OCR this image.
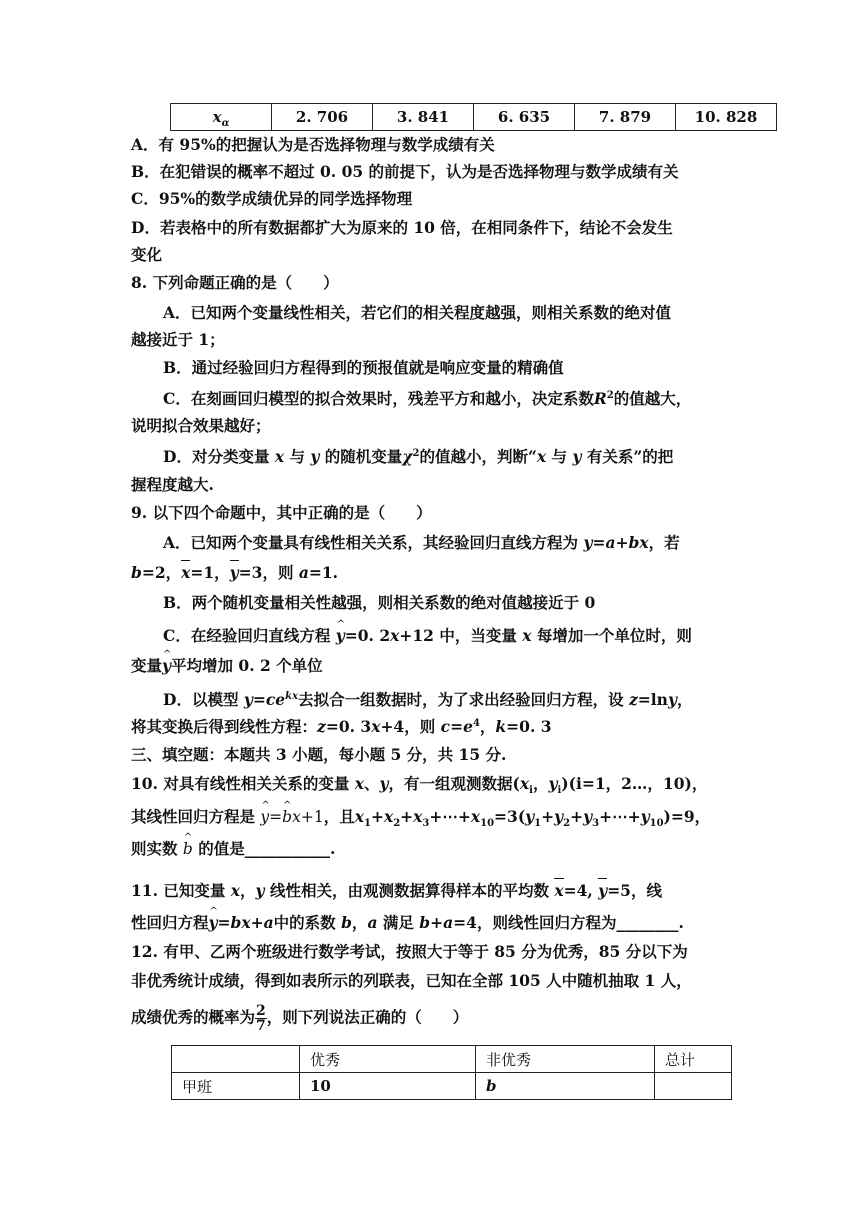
$x_\alpha$	2. 706	3. 841	6. 635	7. 879	10. 828
A．有 95%的把握认为是否选择物理与数学成绩有关
B．在犯错误的概率不超过 0. 05 的前提下，认为是否选择物理与数学成绩有关
C．95%的数学成绩优异的同学选择物理
D．若表格中的所有数据都扩大为原来的 10 倍，在相同条件下，结论不会发生
变化
8. 下列命题正确的是（　　）
A．已知两个变量线性相关，若它们的相关程度越强，则相关系数的绝对值
越接近于 1；
B．通过经验回归方程得到的预报值就是响应变量的精确值
C．在刻画回归模型的拟合效果时，残差平方和越小，决定系数$R^2$的值越大，
说明拟合效果越好；
D．对分类变量 x 与 y 的随机变量$\chi^2$的值越小，判断“x 与 y 有关系”的把
握程度越大.
9. 以下四个命题中，其中正确的是（　　）
A．已知两个变量具有线性相关关系，其经验回归直线方程为 y=a+bx，若
b=2，x=1，y=3，则 a=1.
B．两个随机变量相关性越强，则相关系数的绝对值越接近于 0
C．在经验回归直线方程 ^ y=0. 2x+12 中，当变量 x 每增加一个单位时，则
变量^ y平均增加 0. 2 个单位
D．以模型 $y=ce^{kx}$去拟合一组数据时，为了求出经验回归方程，设 z=lny，
将其变换后得到线性方程：z=0. 3x+4，则 $c=e^4$，k=0. 3
三、填空题：本题共 3 小题，每小题 5 分，共 15 分.
10. 对具有线性相关关系的变量 x、y，有一组观测数据($x_i$，$y_i)(i=1$，2…，10)，
其线性回归方程是 ^ y=^ bx+1，且$x_1+x_2+x_3+\cdots+x_{10}=3(y_1+y_2+y_3+\cdots+y_{10})=9$，
则实数 ^ b 的值是___________.
11. 已知变量 x，y 线性相关，由观测数据算得样本的平均数 x=4, y=5，线
性回归方程^ y=bx+a中的系数 b，a 满足 b+a=4，则线性回归方程为________.
12. 有甲、乙两个班级进行数学考试，按照大于等于 85 分为优秀，85 分以下为
非优秀统计成绩，得到如表所示的列联表，已知在全部 105 人中随机抽取 1 人，
成绩优秀的概率为 $\frac{2}{7}$ ，则下列说法正确的（　　）
	优秀	非优秀	总计
甲班	10	b	
